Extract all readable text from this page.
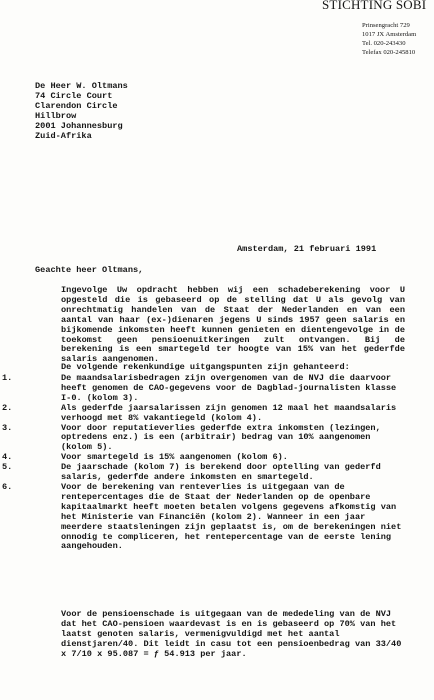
STICHTING SOBI
Prinsengracht 729
1017 JX Amsterdam
Tel. 020-243430
Telefax 020-245810
De Heer W. Oltmans
74 Circle Court
Clarendon Circle
Hillbrow
2001 Johannesburg
Zuid-Afrika
Amsterdam, 21 februari 1991
Geachte heer Oltmans,

Ingevolge Uw opdracht hebben wij een schadeberekening voor U opgesteld die is gebaseerd op de stelling dat U als gevolg van onrechtmatig handelen van de Staat der Nederlanden en van een aantal van haar (ex-)dienaren jegens U sinds 1957 geen salaris en bijkomende inkomsten heeft kunnen genieten en dientengevolge in de toekomst geen pensioenuitkeringen zult ontvangen. Bij de berekening is een smartegeld ter hoogte van 15% van het gederfde salaris aangenomen.

De volgende rekenkundige uitgangspunten zijn gehanteerd:

1.	De maandsalarisbedragen zijn overgenomen van de NVJ die daarvoor heeft genomen de CAO-gegevens voor de Dagblad-journalisten klasse I-0. (kolom 3).
2.	Als gederfde jaarsalarissen zijn genomen 12 maal het maandsalaris verhoogd met 8% vakantiegeld (kolom 4).
3.	Voor door reputatieverlies gederfde extra inkomsten (lezingen, optredens enz.) is een (arbitrair) bedrag van 10% aangenomen (kolom 5).
4.	Voor smartegeld is 15% aangenomen (kolom 6).
5.	De jaarschade (kolom 7) is berekend door optelling van gederfd salaris, gederfde andere inkomsten en smartegeld.
6.	Voor de berekening van renteverlies is uitgegaan van de rentepercentages die de Staat der Nederlanden op de openbare kapitaalmarkt heeft moeten betalen volgens gegevens afkomstig van het Ministerie van Financiën (kolom 2). Wanneer in een jaar meerdere staatsleningen zijn geplaatst is, om de berekeningen niet onnodig te compliceren, het rentepercentage van de eerste lening aangehouden.

Voor de pensioenschade is uitgegaan van de mededeling van de NVJ dat het CAO-pensioen waardevast is en is gebaseerd op 70% van het laatst genoten salaris, vermenigvuldigd met het aantal dienstjaren/40. Dit leidt in casu tot een pensioenbedrag van 33/40 x 7/10 x 95.087 = ƒ 54.913 per jaar.
